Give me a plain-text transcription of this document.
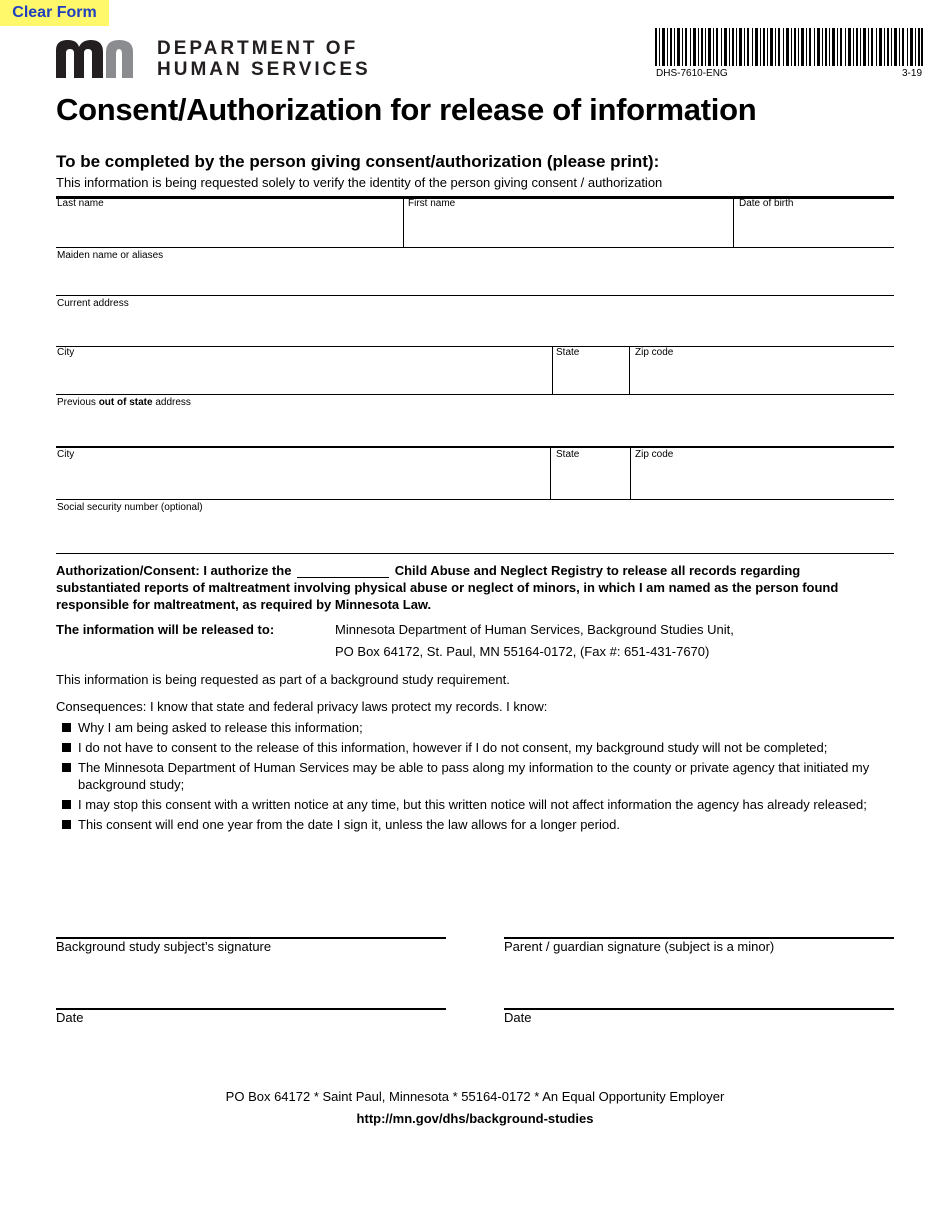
Clear Form
DEPARTMENT OF
HUMAN SERVICES	DHS-7610-ENG	3-19
Consent/Authorization for release of information
To be completed by the person giving consent/authorization (please print):
This information is being requested solely to verify the identity of the person giving consent / authorization
Last name	First name	Date of birth
Maiden name or aliases
Current address
City	State	Zip code
Previous out of state address
City	State	Zip code
Social security number (optional)
Authorization/Consent: I authorize the	Child Abuse and Neglect Registry to release all records regarding substantiated reports of maltreatment involving physical abuse or neglect of minors, in which I am named as the person found responsible for maltreatment, as required by Minnesota Law.
The information will be released to:	Minnesota Department of Human Services, Background Studies Unit,
PO Box 64172, St. Paul, MN 55164-0172, (Fax #: 651-431-7670)
This information is being requested as part of a background study requirement.
Consequences: I know that state and federal privacy laws protect my records. I know:
Why I am being asked to release this information;
I do not have to consent to the release of this information, however if I do not consent, my background study will not be completed;
The Minnesota Department of Human Services may be able to pass along my information to the county or private agency that initiated my background study;
I may stop this consent with a written notice at any time, but this written notice will not affect information the agency has already released;
This consent will end one year from the date I sign it, unless the law allows for a longer period.
Background study subject’s signature	Parent / guardian signature (subject is a minor)
Date	Date
PO Box 64172 * Saint Paul, Minnesota * 55164-0172 * An Equal Opportunity Employer
http://mn.gov/dhs/background-studies
